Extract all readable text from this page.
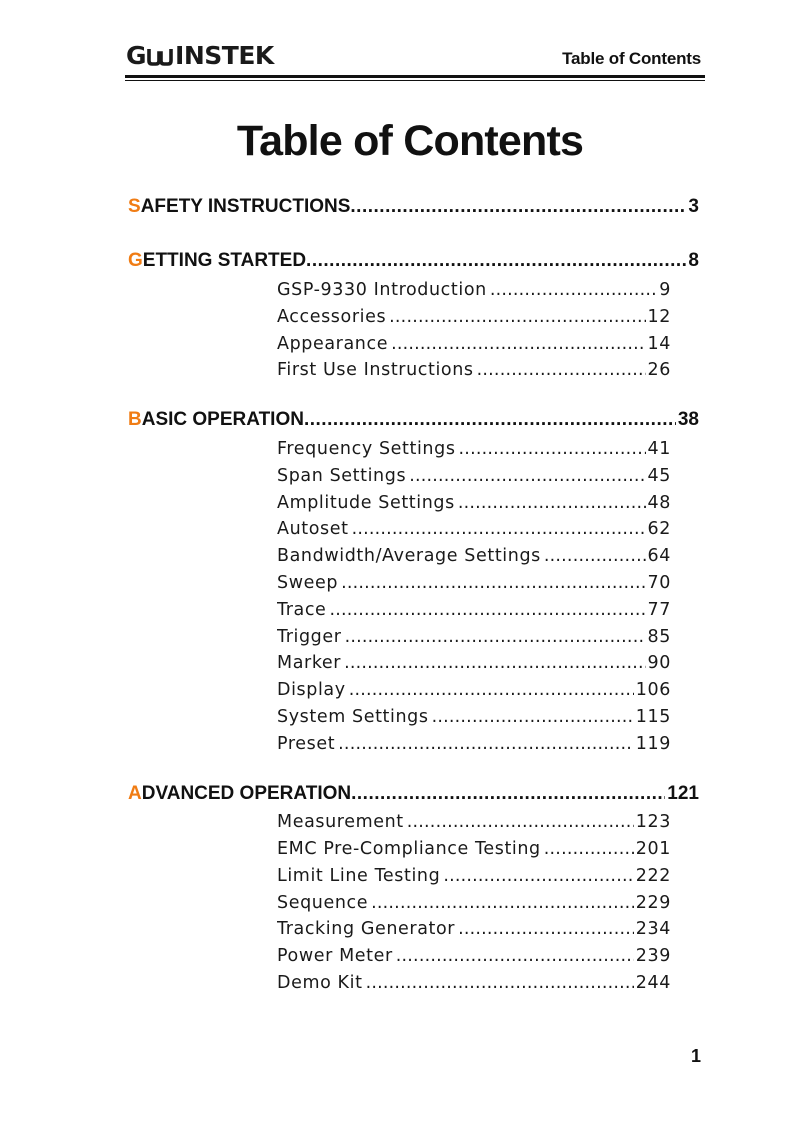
G INSTEK	Table of Contents
Table of Contents
S AFETY INSTRUCTIONS .....	3
G ETTING STARTED .....	8
GSP-9330 Introduction .....	9
Accessories .....	12
Appearance .....	14
First Use Instructions .....	26
B ASIC OPERATION .....	38
Frequency Settings .....	41
Span Settings .....	45
Amplitude Settings .....	48
Autoset .....	62
Bandwidth/Average Settings .....	64
Sweep .....	70
Trace .....	77
Trigger .....	85
Marker .....	90
Display .....	106
System Settings .....	115
Preset .....	119
A DVANCED OPERATION .....	121
Measurement .....	123
EMC Pre-Compliance Testing .....	201
Limit Line Testing .....	222
Sequence .....	229
Tracking Generator .....	234
Power Meter .....	239
Demo Kit .....	244
1
